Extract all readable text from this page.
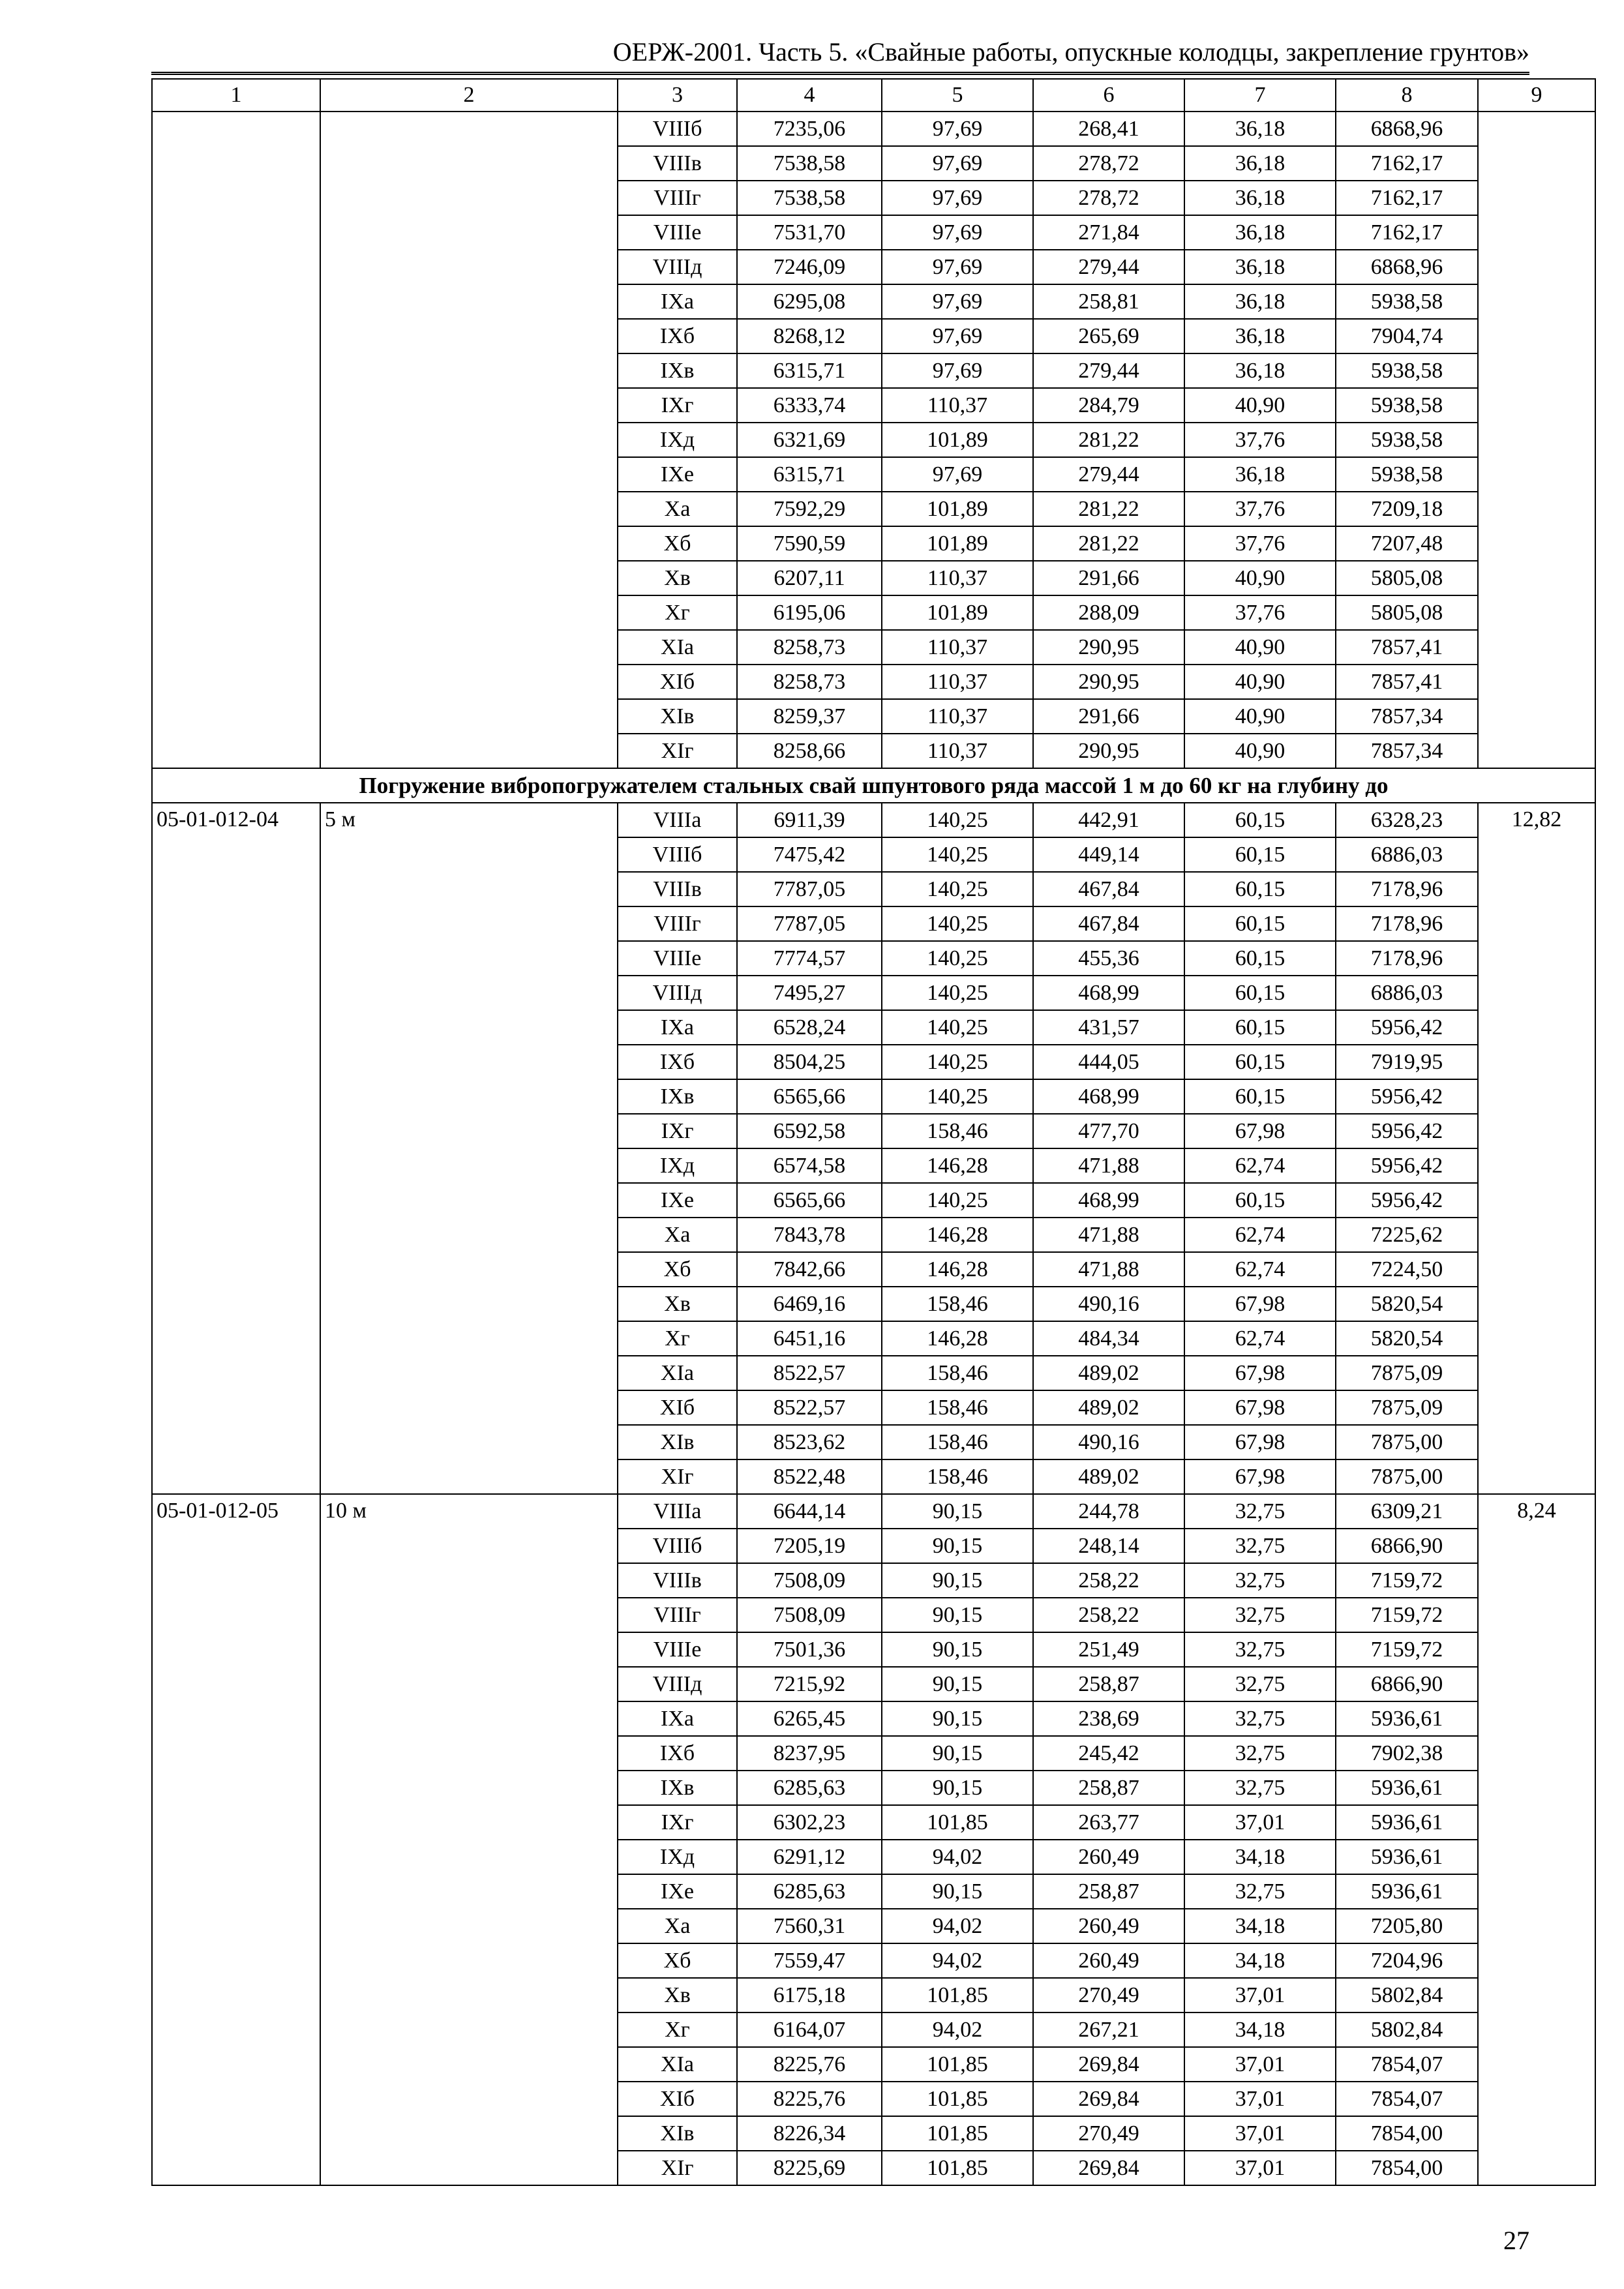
ОЕРЖ-2001. Часть 5. «Свайные работы, опускные колодцы, закрепление грунтов»
1	2	3	4	5	6	7	8	9
		VIIIб	7235,06	97,69	268,41	36,18	6868,96	
		VIIIв	7538,58	97,69	278,72	36,18	7162,17	
		VIIIг	7538,58	97,69	278,72	36,18	7162,17	
		VIIIе	7531,70	97,69	271,84	36,18	7162,17	
		VIIIд	7246,09	97,69	279,44	36,18	6868,96	
		IXа	6295,08	97,69	258,81	36,18	5938,58	
		IXб	8268,12	97,69	265,69	36,18	7904,74	
		IXв	6315,71	97,69	279,44	36,18	5938,58	
		IXг	6333,74	110,37	284,79	40,90	5938,58	
		IXд	6321,69	101,89	281,22	37,76	5938,58	
		IXе	6315,71	97,69	279,44	36,18	5938,58	
		Xа	7592,29	101,89	281,22	37,76	7209,18	
		Xб	7590,59	101,89	281,22	37,76	7207,48	
		Xв	6207,11	110,37	291,66	40,90	5805,08	
		Xг	6195,06	101,89	288,09	37,76	5805,08	
		XIа	8258,73	110,37	290,95	40,90	7857,41	
		XIб	8258,73	110,37	290,95	40,90	7857,41	
		XIв	8259,37	110,37	291,66	40,90	7857,34	
		XIг	8258,66	110,37	290,95	40,90	7857,34	
Погружение вибропогружателем стальных свай шпунтового ряда массой 1 м до 60 кг на глубину до								
05-01-012-04	5 м	VIIIа	6911,39	140,25	442,91	60,15	6328,23	12,82
		VIIIб	7475,42	140,25	449,14	60,15	6886,03	
		VIIIв	7787,05	140,25	467,84	60,15	7178,96	
		VIIIг	7787,05	140,25	467,84	60,15	7178,96	
		VIIIе	7774,57	140,25	455,36	60,15	7178,96	
		VIIIд	7495,27	140,25	468,99	60,15	6886,03	
		IXа	6528,24	140,25	431,57	60,15	5956,42	
		IXб	8504,25	140,25	444,05	60,15	7919,95	
		IXв	6565,66	140,25	468,99	60,15	5956,42	
		IXг	6592,58	158,46	477,70	67,98	5956,42	
		IXд	6574,58	146,28	471,88	62,74	5956,42	
		IXе	6565,66	140,25	468,99	60,15	5956,42	
		Xа	7843,78	146,28	471,88	62,74	7225,62	
		Xб	7842,66	146,28	471,88	62,74	7224,50	
		Xв	6469,16	158,46	490,16	67,98	5820,54	
		Xг	6451,16	146,28	484,34	62,74	5820,54	
		XIа	8522,57	158,46	489,02	67,98	7875,09	
		XIб	8522,57	158,46	489,02	67,98	7875,09	
		XIв	8523,62	158,46	490,16	67,98	7875,00	
		XIг	8522,48	158,46	489,02	67,98	7875,00	
05-01-012-05	10 м	VIIIа	6644,14	90,15	244,78	32,75	6309,21	8,24
		VIIIб	7205,19	90,15	248,14	32,75	6866,90	
		VIIIв	7508,09	90,15	258,22	32,75	7159,72	
		VIIIг	7508,09	90,15	258,22	32,75	7159,72	
		VIIIе	7501,36	90,15	251,49	32,75	7159,72	
		VIIIд	7215,92	90,15	258,87	32,75	6866,90	
		IXа	6265,45	90,15	238,69	32,75	5936,61	
		IXб	8237,95	90,15	245,42	32,75	7902,38	
		IXв	6285,63	90,15	258,87	32,75	5936,61	
		IXг	6302,23	101,85	263,77	37,01	5936,61	
		IXд	6291,12	94,02	260,49	34,18	5936,61	
		IXе	6285,63	90,15	258,87	32,75	5936,61	
		Xа	7560,31	94,02	260,49	34,18	7205,80	
		Xб	7559,47	94,02	260,49	34,18	7204,96	
		Xв	6175,18	101,85	270,49	37,01	5802,84	
		Xг	6164,07	94,02	267,21	34,18	5802,84	
		XIа	8225,76	101,85	269,84	37,01	7854,07	
		XIб	8225,76	101,85	269,84	37,01	7854,07	
		XIв	8226,34	101,85	270,49	37,01	7854,00	
		XIг	8225,69	101,85	269,84	37,01	7854,00	
27
